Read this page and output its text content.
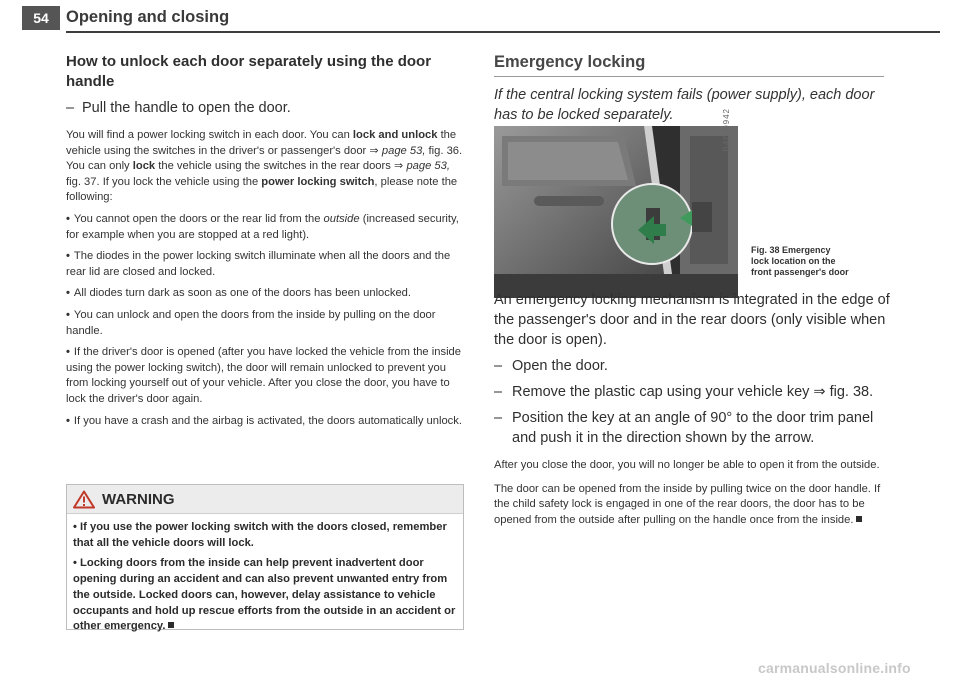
54	Opening and closing
How to unlock each door separately using the door handle
– Pull the handle to open the door.

You will find a power locking switch in each door. You can lock and unlock the vehicle using the switches in the driver's or passenger's door ⇒ page 53, fig. 36. You can only lock the vehicle using the switches in the rear doors ⇒ page 53, fig. 37. If you lock the vehicle using the power locking switch, please note the following:

• You cannot open the doors or the rear lid from the outside (increased security, for example when you are stopped at a red light).
• The diodes in the power locking switch illuminate when all the doors and the rear lid are closed and locked.
• All diodes turn dark as soon as one of the doors has been unlocked.
• You can unlock and open the doors from the inside by pulling on the door handle.
• If the driver's door is opened (after you have locked the vehicle from the inside using the power locking switch), the door will remain unlocked to prevent you from locking yourself out of your vehicle. After you close the door, you have to lock the driver's door again.
• If you have a crash and the airbag is activated, the doors automatically unlock.
WARNING
• If you use the power locking switch with the doors closed, remember that all the vehicle doors will lock.
• Locking doors from the inside can help prevent inadvertent door opening during an accident and can also prevent unwanted entry from the outside. Locked doors can, however, delay assistance to vehicle occupants and hold up rescue efforts from the outside in an accident or other emergency.
Emergency locking

If the central locking system fails (power supply), each door has to be locked separately.	B4E-0942
Fig. 38 Emergency
lock location on the
front passenger's door

An emergency locking mechanism is integrated in the edge of the passenger's door and in the rear doors (only visible when the door is open).

– Open the door.
– Remove the plastic cap using your vehicle key ⇒ fig. 38.
– Position the key at an angle of 90° to the door trim panel and push it in the direction shown by the arrow.

After you close the door, you will no longer be able to open it from the outside.

The door can be opened from the inside by pulling twice on the door handle. If the child safety lock is engaged in one of the rear doors, the door has to be opened from the outside after pulling on the handle once from the inside.

carmanualsonline.info
